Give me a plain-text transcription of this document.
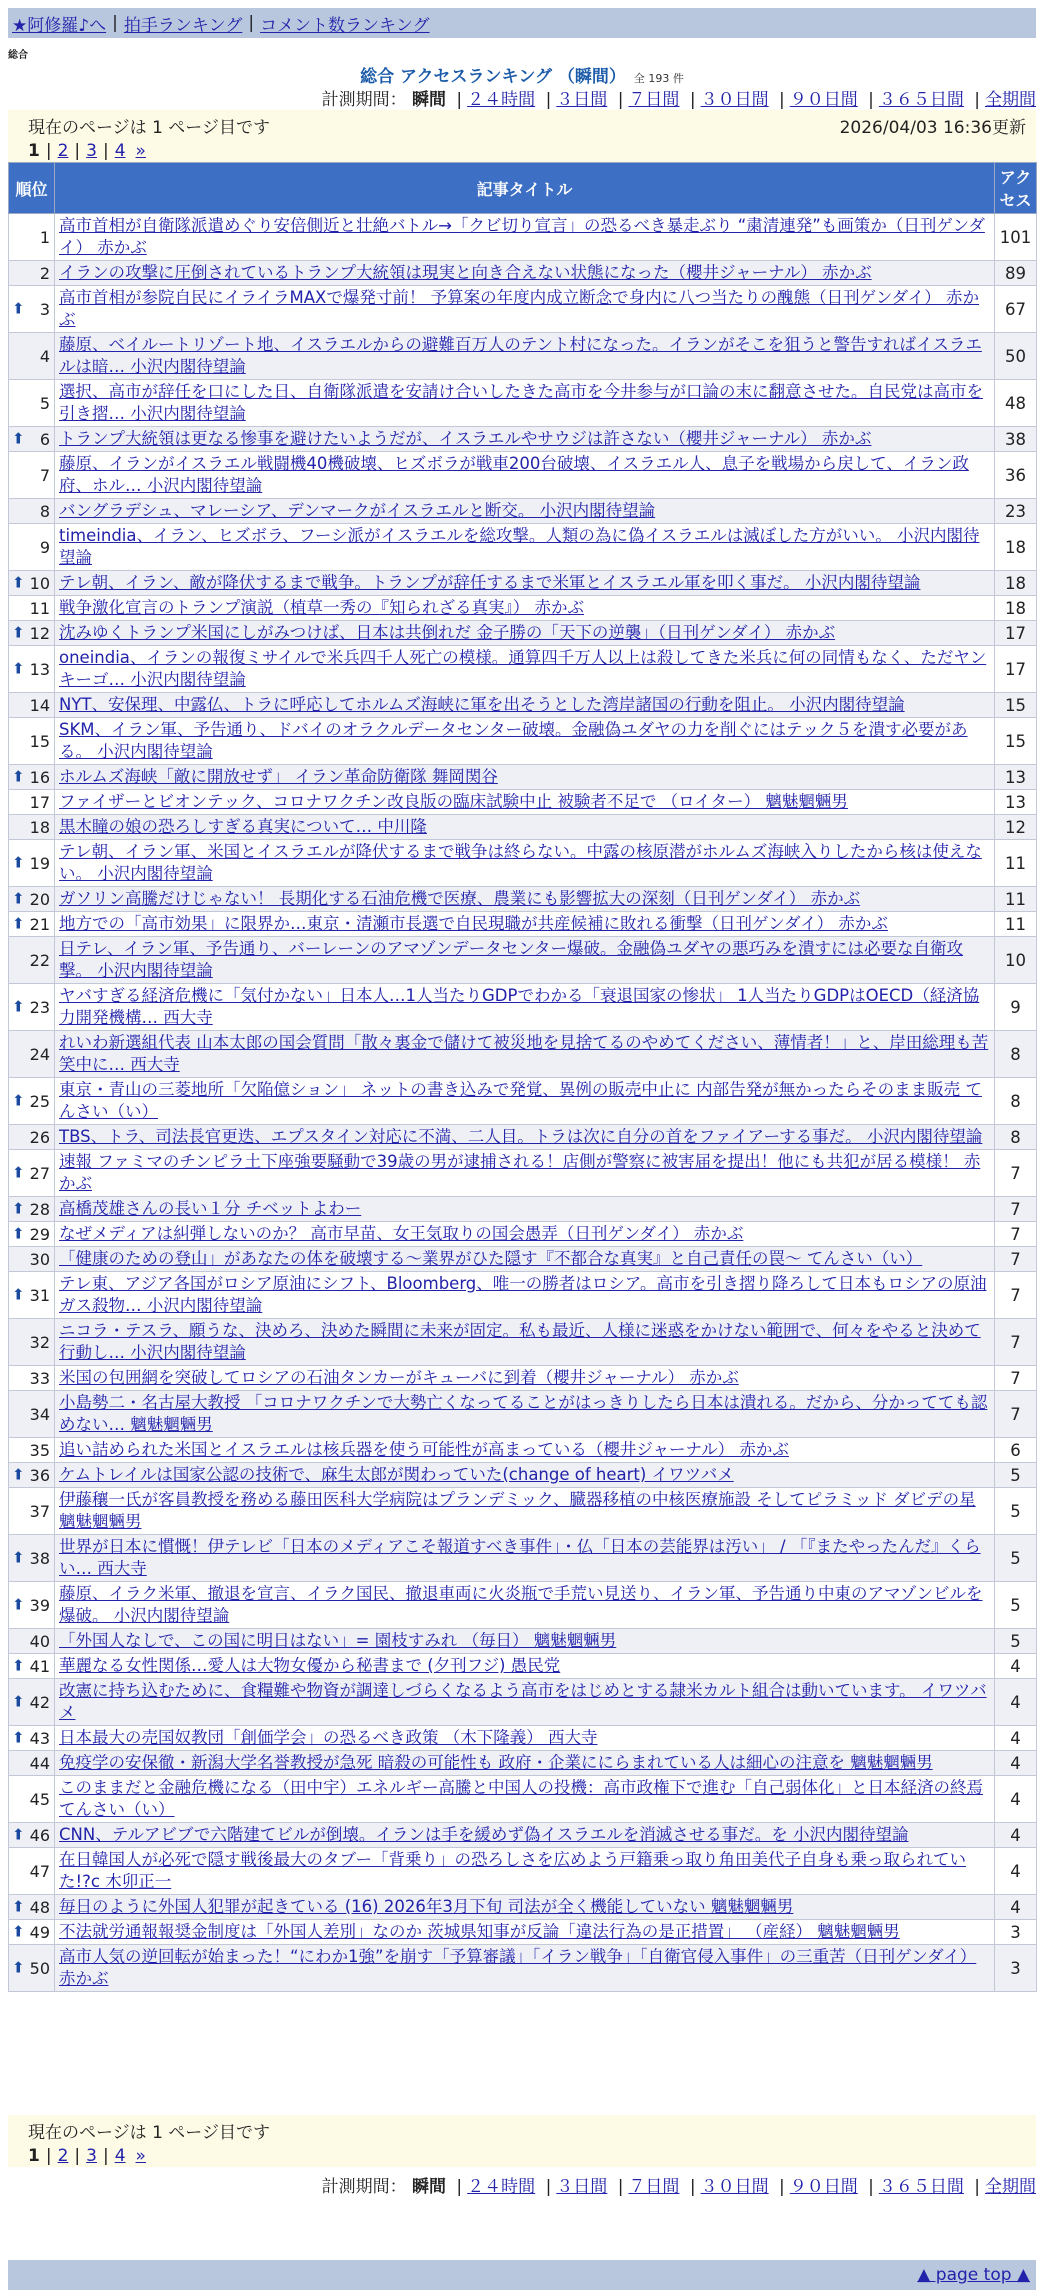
★阿修羅♪へ | 拍手ランキング | コメント数ランキング
総合
総合 アクセスランキング （瞬間） 全 193 件
計測期間： 瞬間 | ２４時間 | ３日間 | ７日間 | ３０日間 | ９０日間 | ３６５日間 | 全期間
現在のページは 1 ページ目です	2026/04/03 16:36更新
1 | 2 | 3 | 4 »
順位	記事タイトル	アクセス
1	高市首相が自衛隊派遣めぐり安倍側近と壮絶バトル→「クビ切り宣言」の恐るべき暴走ぶり “粛清連発”も画策か（日刊ゲンダイ） 赤かぶ	101
2	イランの攻撃に圧倒されているトランプ大統領は現実と向き合えない状態になった（櫻井ジャーナル） 赤かぶ	89

⬆ 3	高市首相が参院自民にイライラMAXで爆発寸前！ 予算案の年度内成立断念で身内に八つ当たりの醜態（日刊ゲンダイ） 赤かぶ	67
4	藤原、ベイルートリゾート地、イスラエルからの避難百万人のテント村になった。イランがそこを狙うと警告すればイスラエルは暗… 小沢内閣待望論	50
5	選択、高市が辞任を口にした日、自衛隊派遣を安請け合いしたきた高市を今井参与が口論の末に翻意させた。自民党は高市を引き摺… 小沢内閣待望論	48

⬆ 6	トランプ大統領は更なる惨事を避けたいようだが、イスラエルやサウジは許さない（櫻井ジャーナル） 赤かぶ	38
7	藤原、イランがイスラエル戦闘機40機破壊、ヒズボラが戦車200台破壊、イスラエル人、息子を戦場から戻して、イラン政府、ホル… 小沢内閣待望論	36
8	バングラデシュ、マレーシア、デンマークがイスラエルと断交。 小沢内閣待望論	23
9	timeindia、イラン、ヒズボラ、フーシ派がイスラエルを総攻撃。人類の為に偽イスラエルは滅ぼした方がいい。 小沢内閣待望論	18

⬆ 10	テレ朝、イラン、敵が降伏するまで戦争。トランプが辞任するまで米軍とイスラエル軍を叩く事だ。 小沢内閣待望論	18
11	戦争激化宣言のトランプ演説（植草一秀の『知られざる真実』） 赤かぶ	18

⬆ 12	沈みゆくトランプ米国にしがみつけば、日本は共倒れだ 金子勝の「天下の逆襲」（日刊ゲンダイ） 赤かぶ	17

⬆ 13	oneindia、イランの報復ミサイルで米兵四千人死亡の模様。通算四千万人以上は殺してきた米兵に何の同情もなく、ただヤンキーゴ… 小沢内閣待望論	17
14	NYT、安保理、中露仏、トラに呼応してホルムズ海峡に軍を出そうとした湾岸諸国の行動を阻止。 小沢内閣待望論	15
15	SKM、イラン軍、予告通り、ドバイのオラクルデータセンター破壊。金融偽ユダヤの力を削ぐにはテック５を潰す必要がある。 小沢内閣待望論	15

⬆ 16	ホルムズ海峡「敵に開放せず」 イラン革命防衛隊 舞岡関谷	13
17	ファイザーとビオンテック、コロナワクチン改良版の臨床試験中止 被験者不足で （ロイター） 魑魅魍魎男	13
18	黒木瞳の娘の恐ろしすぎる真実について… 中川隆	12

⬆ 19	テレ朝、イラン軍、米国とイスラエルが降伏するまで戦争は終らない。中露の核原潜がホルムズ海峡入りしたから核は使えない。 小沢内閣待望論	11

⬆ 20	ガソリン高騰だけじゃない！ 長期化する石油危機で医療、農業にも影響拡大の深刻（日刊ゲンダイ） 赤かぶ	11

⬆ 21	地方での「高市効果」に限界か…東京・清瀬市長選で自民現職が共産候補に敗れる衝撃（日刊ゲンダイ） 赤かぶ	11
22	日テレ、イラン軍、予告通り、バーレーンのアマゾンデータセンター爆破。金融偽ユダヤの悪巧みを潰すには必要な自衛攻撃。 小沢内閣待望論	10

⬆ 23	ヤバすぎる経済危機に「気付かない」日本人…1人当たりGDPでわかる「衰退国家の惨状」 1人当たりGDPはOECD（経済協力開発機構… 西大寺	9
24	れいわ新選組代表 山本太郎の国会質問「散々裏金で儲けて被災地を見捨てるのやめてください、薄情者！」と、岸田総理も苦笑中に… 西大寺	8

⬆ 25	東京・青山の三菱地所「欠陥億ション」 ネットの書き込みで発覚、異例の販売中止に 内部告発が無かったらそのまま販売 てんさい（い）	8
26	TBS、トラ、司法長官更迭、エプスタイン対応に不満、二人目。トラは次に自分の首をファイアーする事だ。 小沢内閣待望論	8

⬆ 27	速報 ファミマのチンピラ土下座強要騒動で39歳の男が逮捕される！店側が警察に被害届を提出！他にも共犯が居る模様！ 赤かぶ	7

⬆ 28	高橋茂雄さんの長い１分 チベットよわー	7

⬆ 29	なぜメディアは糾弾しないのか？ 高市早苗、女王気取りの国会愚弄（日刊ゲンダイ） 赤かぶ	7
30	「健康のための登山」があなたの体を破壊する〜業界がひた隠す『不都合な真実』と自己責任の罠〜 てんさい（い）	7

⬆ 31	テレ東、アジア各国がロシア原油にシフト、Bloomberg、唯一の勝者はロシア。高市を引き摺り降ろして日本もロシアの原油ガス殺物… 小沢内閣待望論	7
32	ニコラ・テスラ、願うな、決めろ、決めた瞬間に未来が固定。私も最近、人様に迷惑をかけない範囲で、何々をやると決めて行動し… 小沢内閣待望論	7
33	米国の包囲網を突破してロシアの石油タンカーがキューバに到着（櫻井ジャーナル） 赤かぶ	7
34	小島勢二・名古屋大教授 「コロナワクチンで大勢亡くなってることがはっきりしたら日本は潰れる。だから、分かってても認めない… 魑魅魍魎男	7
35	追い詰められた米国とイスラエルは核兵器を使う可能性が高まっている（櫻井ジャーナル） 赤かぶ	6

⬆ 36	ケムトレイルは国家公認の技術で、麻生太郎が関わっていた(change of heart) イワツバメ	5
37	伊藤穰一氏が客員教授を務める藤田医科大学病院はプランデミック、臓器移植の中核医療施設 そしてピラミッド ダビデの星 魑魅魍魎男	5

⬆ 38	世界が日本に慣慨！伊テレビ「日本のメディアこそ報道すべき事件」・仏「日本の芸能界は汚い」 / 「『またやったんだ』くらい… 西大寺	5

⬆ 39	藤原、イラク米軍、撤退を宣言、イラク国民、撤退車両に火炎瓶で手荒い見送り、イラン軍、予告通り中東のアマゾンビルを爆破。 小沢内閣待望論	5
40	「外国人なしで、この国に明日はない」= 園枝すみれ （毎日） 魑魅魍魎男	5

⬆ 41	華麗なる女性関係…愛人は大物女優から秘書まで (夕刊フジ) 愚民党	4

⬆ 42	改憲に持ち込むために、食糧難や物資が調達しづらくなるよう高市をはじめとする隷米カルト組合は動いています。 イワツバメ	4

⬆ 43	日本最大の売国奴教団「創価学会」の恐るべき政策 （木下隆義） 西大寺	4
44	免疫学の安保徹・新潟大学名誉教授が急死 暗殺の可能性も 政府・企業ににらまれている人は細心の注意を 魑魅魍魎男	4
45	このままだと金融危機になる（田中宇）エネルギー高騰と中国人の投機：高市政権下で進む「自己弱体化」と日本経済の終焉 てんさい（い）	4

⬆ 46	CNN、テルアビブで六階建てビルが倒壊。イランは手を緩めず偽イスラエルを消滅させる事だ。を 小沢内閣待望論	4
47	在日韓国人が必死で隠す戦後最大のタブー「背乗り」の恐ろしさを広めよう戸籍乗っ取り角田美代子自身も乗っ取られていた!?c 木卯正一	4

⬆ 48	毎日のように外国人犯罪が起きている (16) 2026年3月下旬 司法が全く機能していない 魑魅魍魎男	4

⬆ 49	不法就労通報報奨金制度は「外国人差別」なのか 茨城県知事が反論「違法行為の是正措置」 （産経） 魑魅魍魎男	3

⬆ 50	高市人気の逆回転が始まった！“にわか1強”を崩す「予算審議」「イラン戦争」「自衛官侵入事件」の三重苦（日刊ゲンダイ） 赤かぶ	3
現在のページは 1 ページ目です
1 | 2 | 3 | 4 »
計測期間： 瞬間 | ２４時間 | ３日間 | ７日間 | ３０日間 | ９０日間 | ３６５日間 | 全期間
▲ page top ▲
